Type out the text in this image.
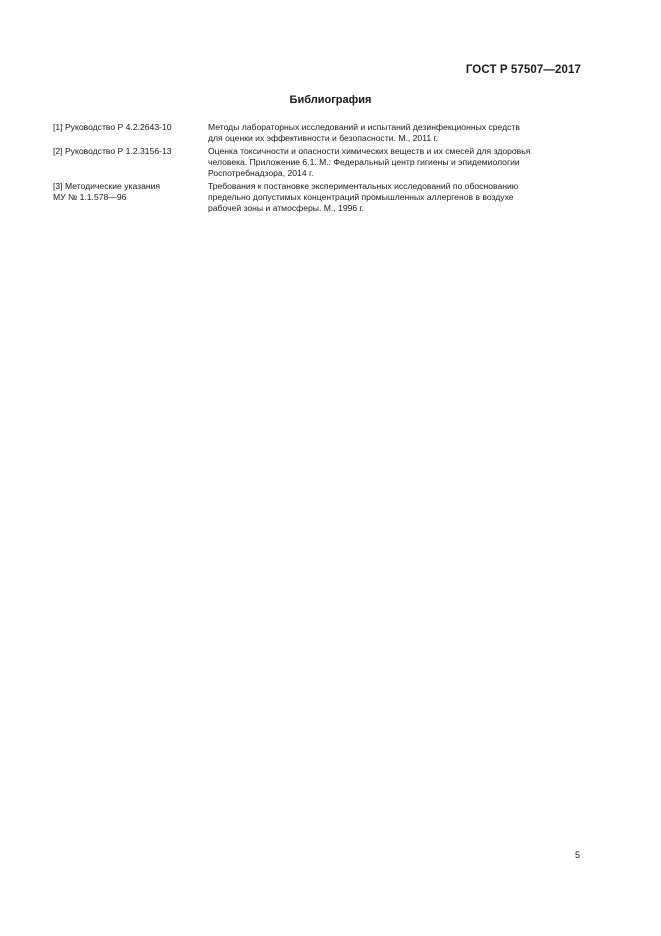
ГОСТ Р 57507—2017
Библиография
[1] Руководство Р 4.2.2643-10	Методы лабораторных исследований и испытаний дезинфекционных средств
для оценки их эффективности и безопасности. М., 2011 г.
[2] Руководство Р 1.2.3156-13	Оценка токсичности и опасности химических веществ и их смесей для здоровья
человека. Приложение 6.1. М.: Федеральный центр гигиены и эпидемиологии
Роспотребнадзора, 2014 г.
[3] Методические указания
МУ № 1.1.578—96
Требования к постановке экспериментальных исследований по обоснованию
предельно допустимых концентраций промышленных аллергенов в воздухе
рабочей зоны и атмосферы. М., 1996 г.
5
